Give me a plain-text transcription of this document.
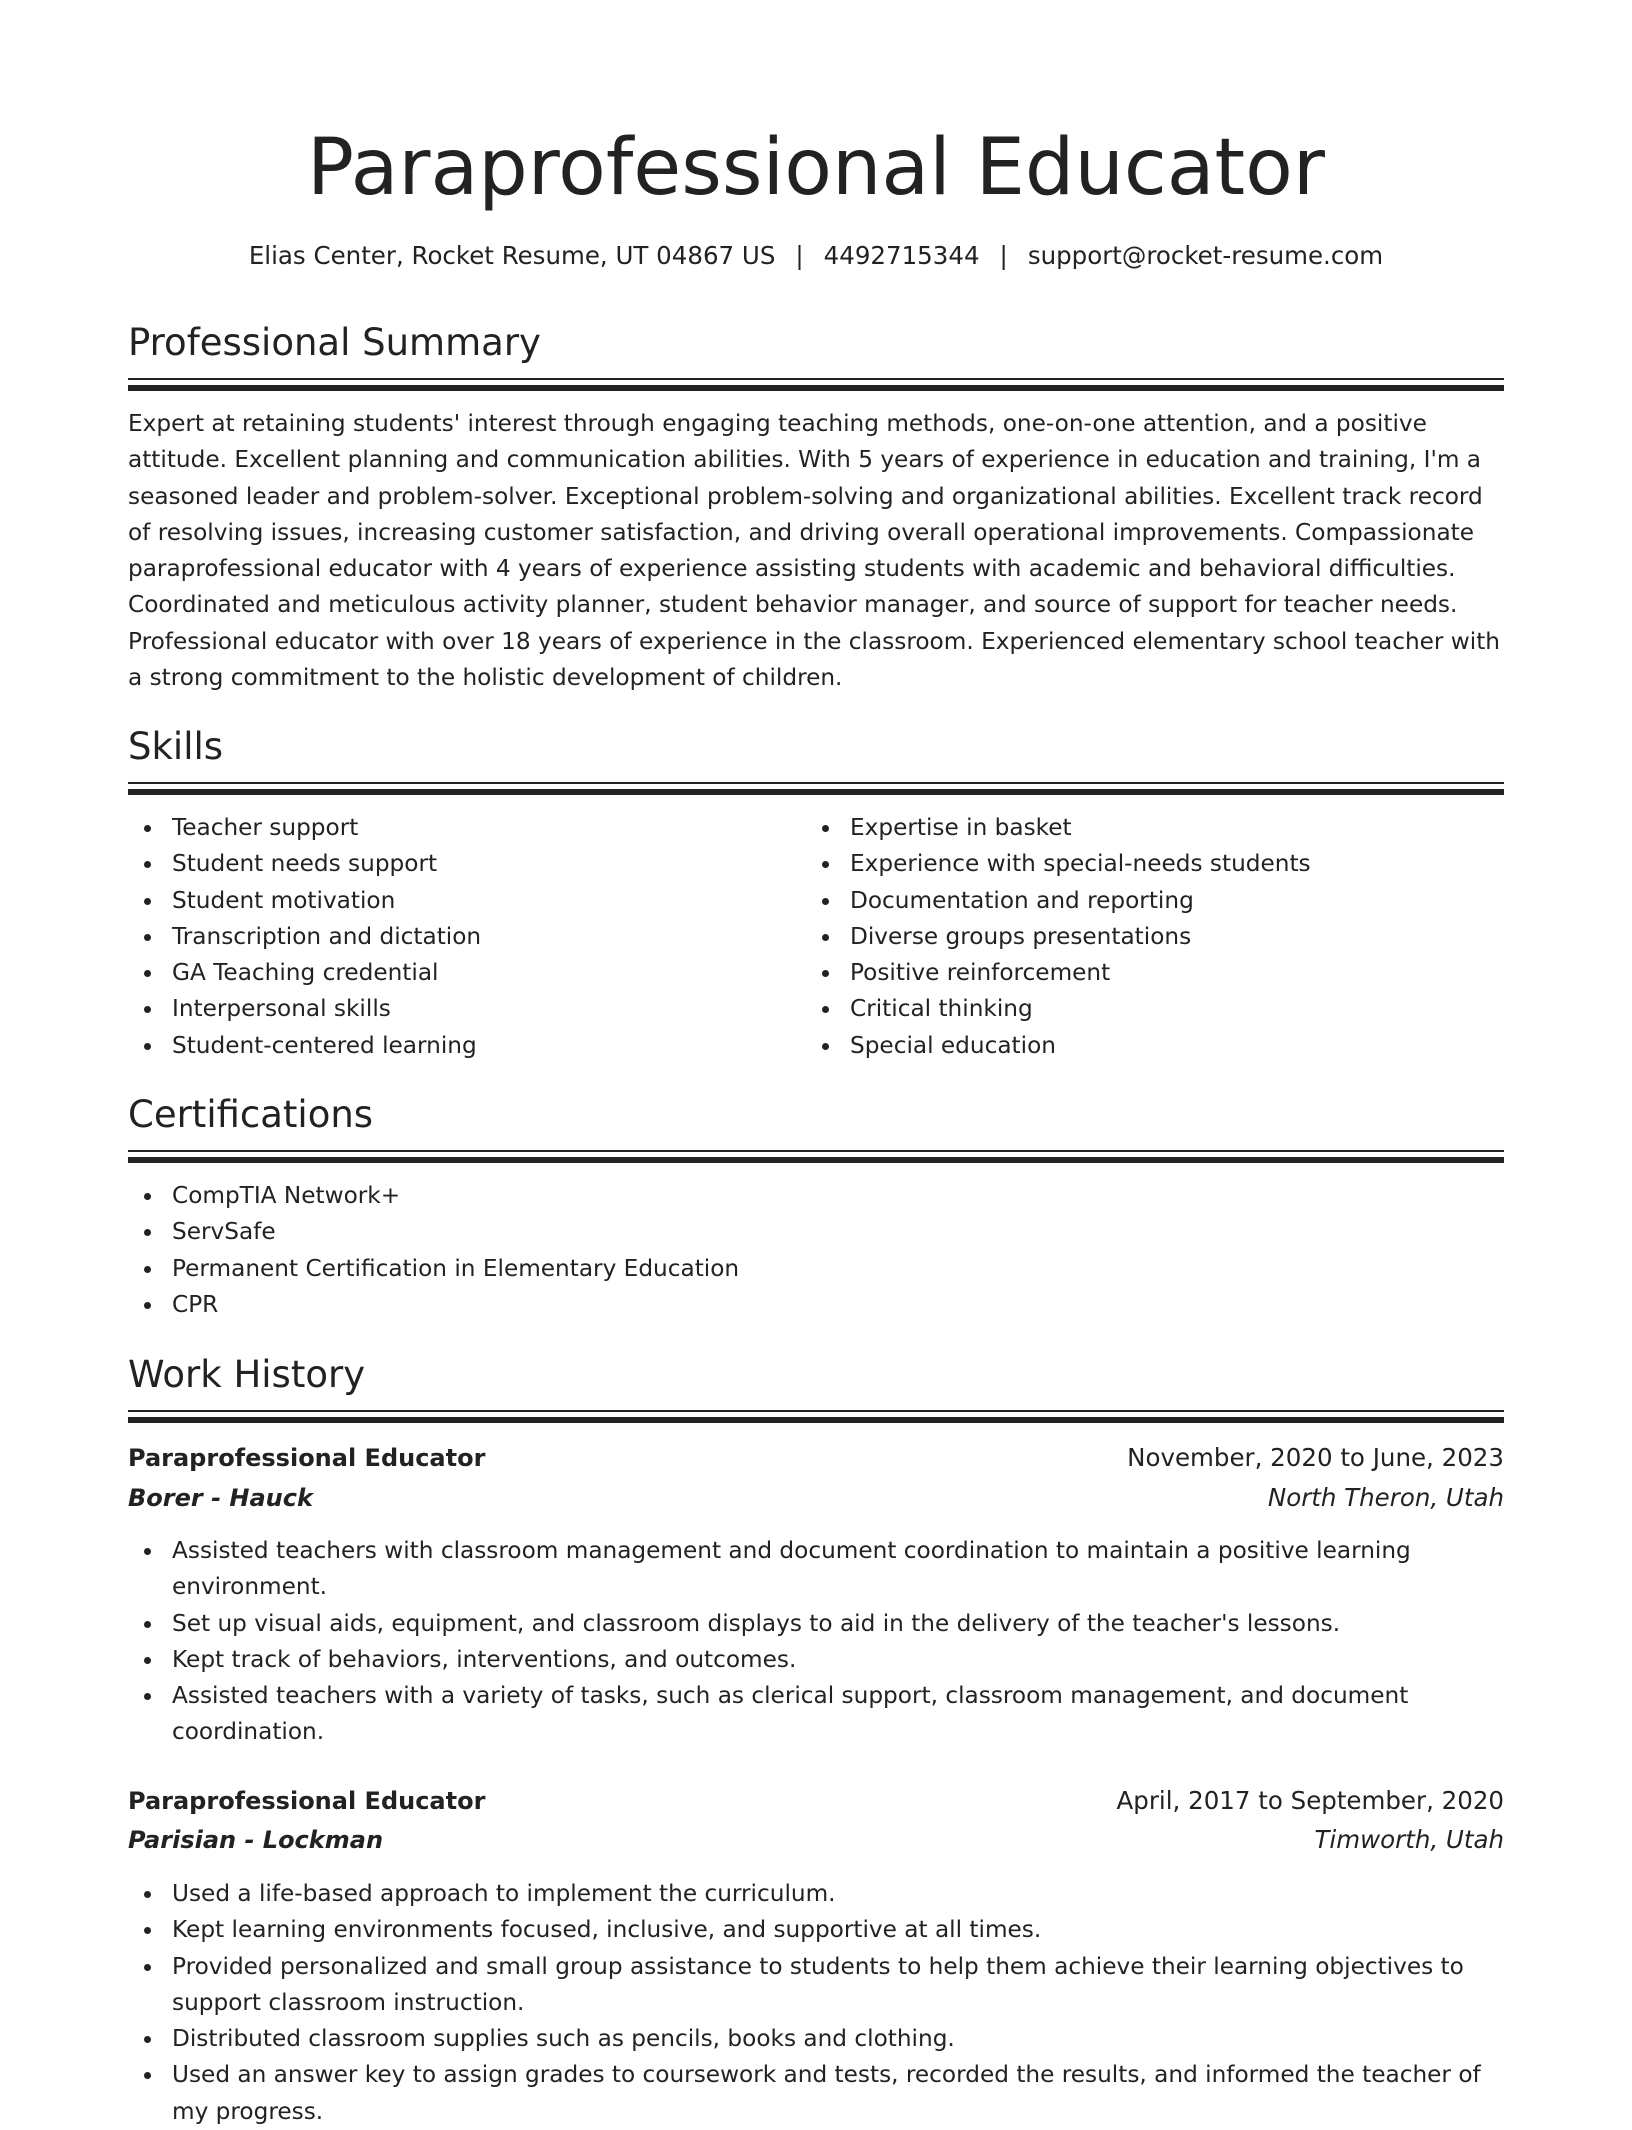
Paraprofessional Educator
Elias Center, Rocket Resume, UT 04867 US | 4492715344 | support@rocket-resume.com
Professional Summary

Expert at retaining students' interest through engaging teaching methods, one-on-one attention, and a positive attitude. Excellent planning and communication abilities. With 5 years of experience in education and training, I'm a seasoned leader and problem-solver. Exceptional problem-solving and organizational abilities. Excellent track record of resolving issues, increasing customer satisfaction, and driving overall operational improvements. Compassionate paraprofessional educator with 4 years of experience assisting students with academic and behavioral difficulties. Coordinated and meticulous activity planner, student behavior manager, and source of support for teacher needs. Professional educator with over 18 years of experience in the classroom. Experienced elementary school teacher with a strong commitment to the holistic development of children.

Skills
Teacher support
Student needs support
Student motivation
Transcription and dictation
GA Teaching credential
Interpersonal skills
Student-centered learning
Expertise in basket
Experience with special-needs students
Documentation and reporting
Diverse groups presentations
Positive reinforcement
Critical thinking
Special education
Certifications
CompTIA Network+
ServSafe
Permanent Certification in Elementary Education
CPR
Work History
Paraprofessional Educator	November, 2020 to June, 2023
Borer - Hauck	North Theron, Utah
Assisted teachers with classroom management and document coordination to maintain a positive learning environment.
Set up visual aids, equipment, and classroom displays to aid in the delivery of the teacher's lessons.
Kept track of behaviors, interventions, and outcomes.
Assisted teachers with a variety of tasks, such as clerical support, classroom management, and document coordination.
Paraprofessional Educator	April, 2017 to September, 2020
Parisian - Lockman	Timworth, Utah
Used a life-based approach to implement the curriculum.
Kept learning environments focused, inclusive, and supportive at all times.
Provided personalized and small group assistance to students to help them achieve their learning objectives to support classroom instruction.
Distributed classroom supplies such as pencils, books and clothing.
Used an answer key to assign grades to coursework and tests, recorded the results, and informed the teacher of my progress.
